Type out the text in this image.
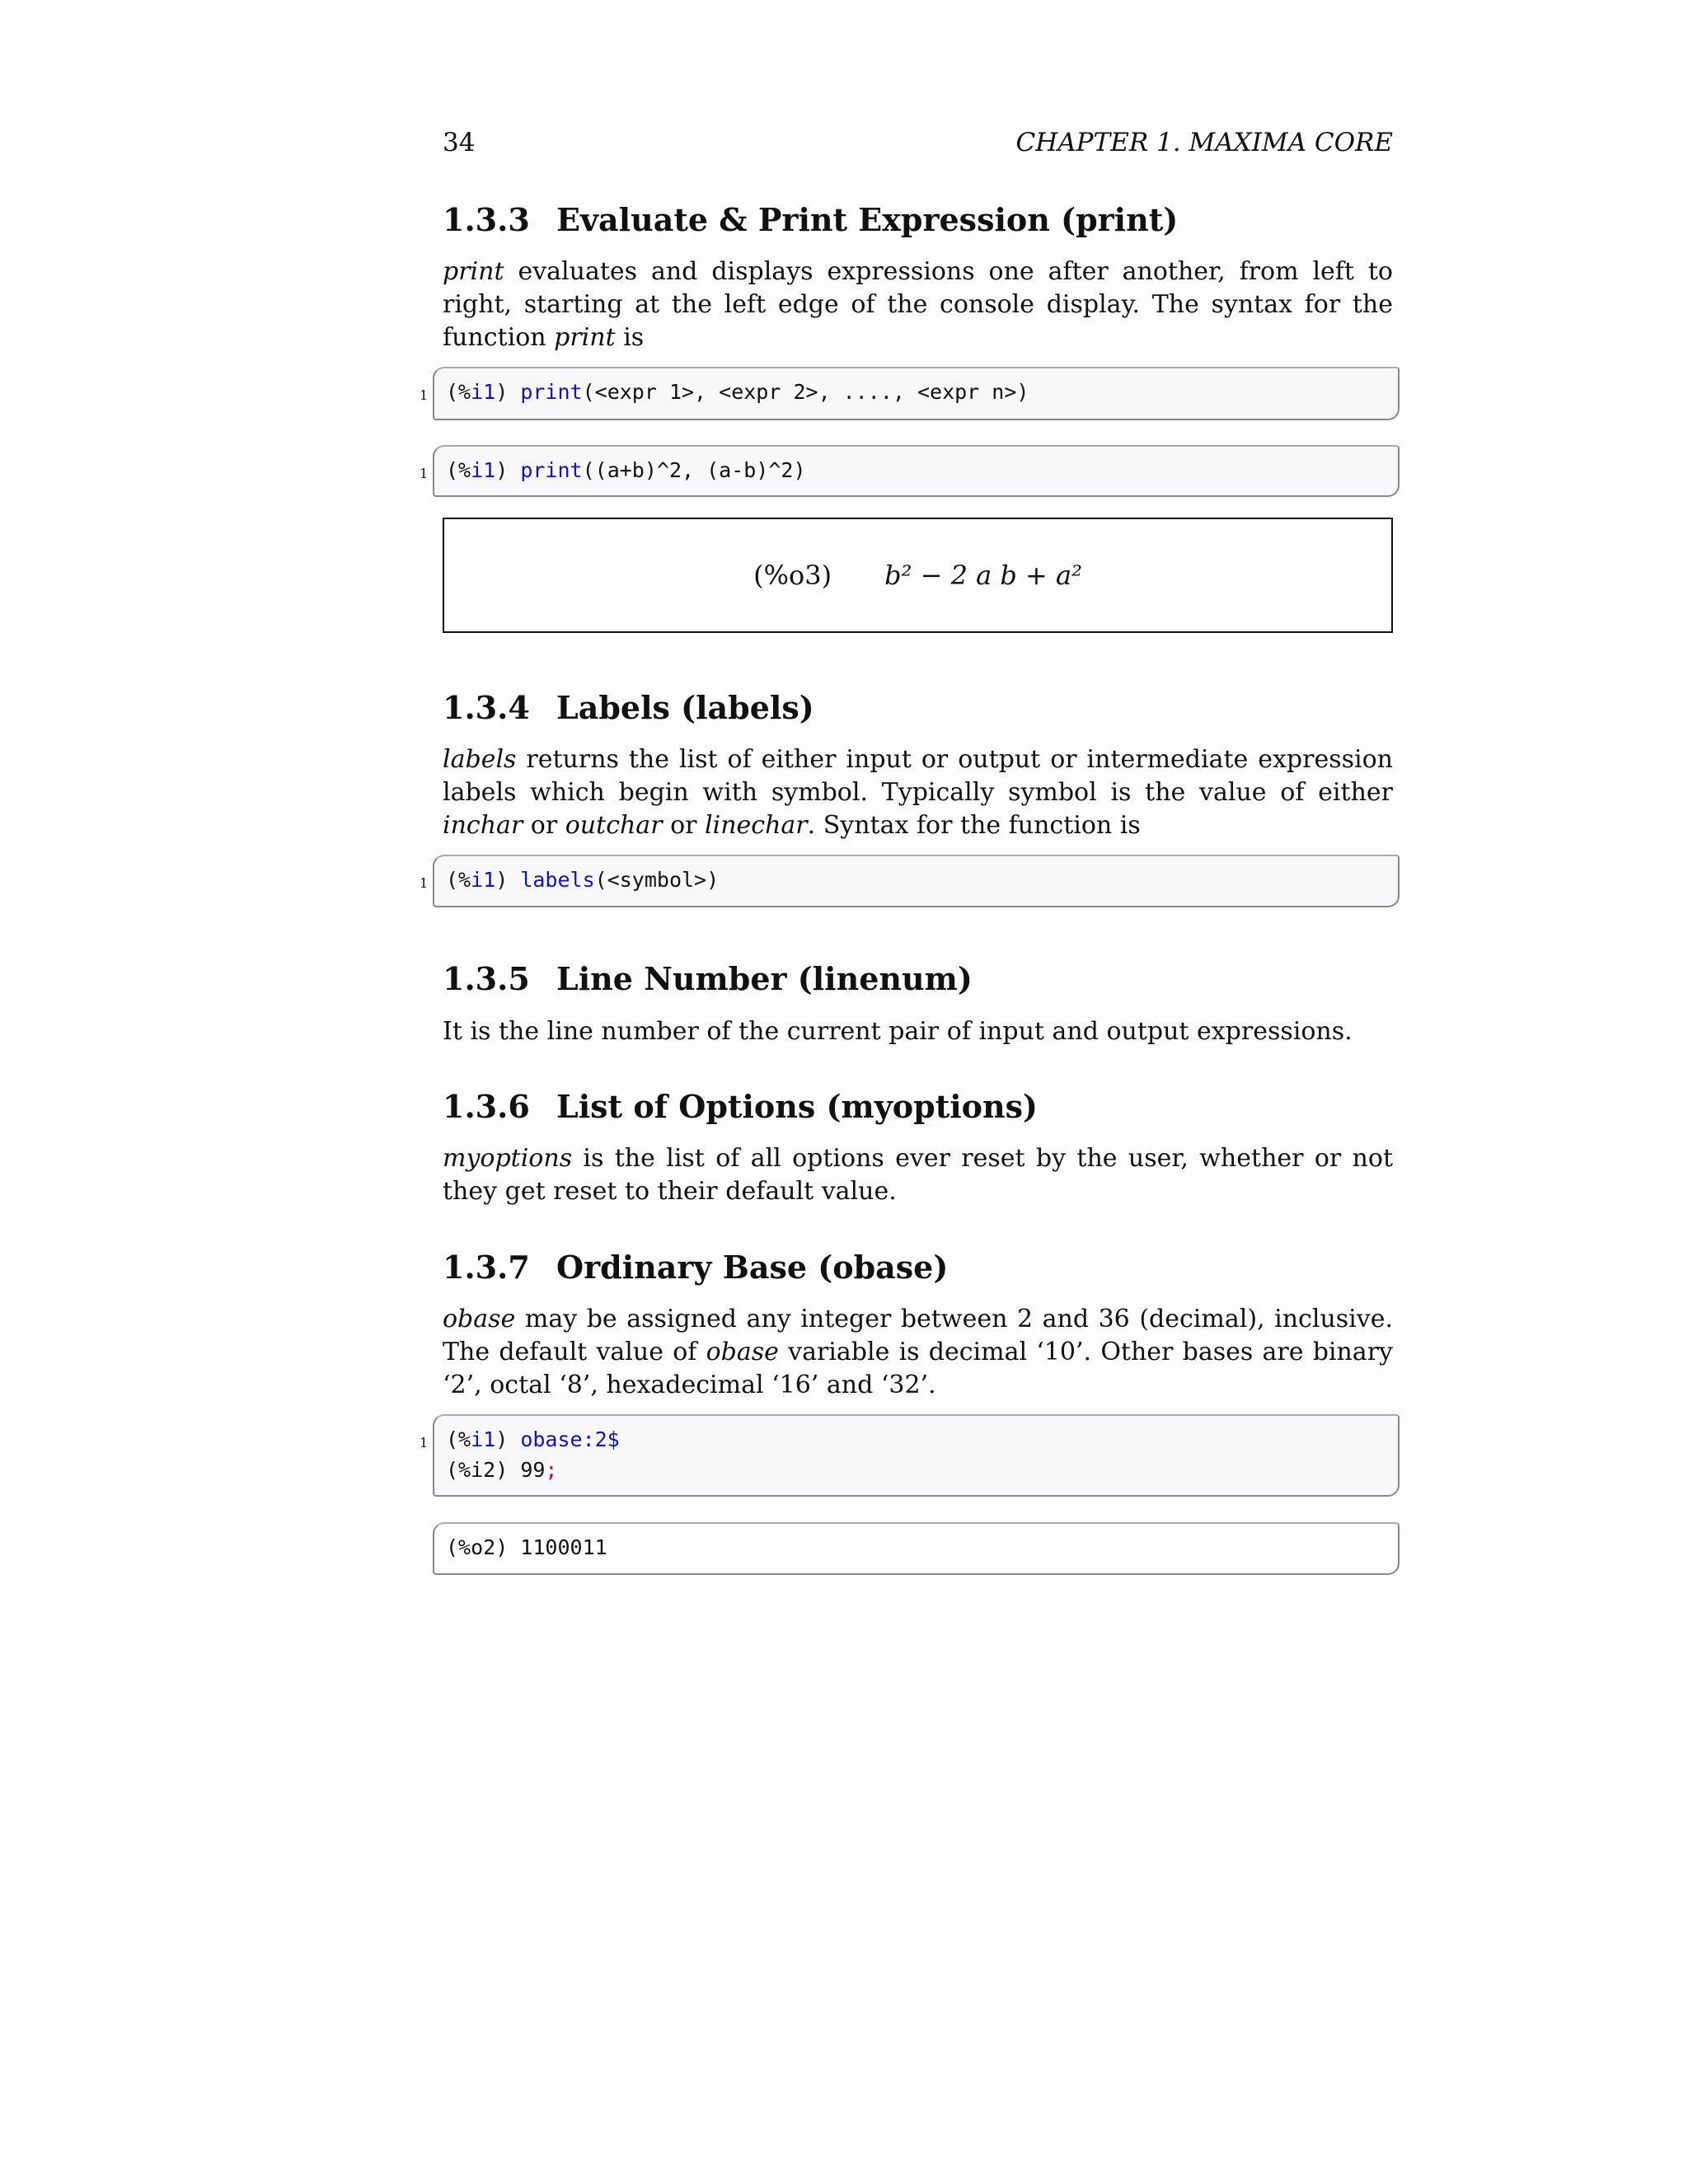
34	CHAPTER 1. MAXIMA CORE
1.3.3 Evaluate & Print Expression (print)
print evaluates and displays expressions one after another, from left to right, starting at the left edge of the console display. The syntax for the function print is
1 (%i1) print(<expr 1>, <expr 2>, ...., <expr n>)
1 (%i1) print((a+b)^2, (a-b)^2)
(%o3) b² − 2 a b + a²
1.3.4 Labels (labels)
labels returns the list of either input or output or intermediate expression labels which begin with symbol. Typically symbol is the value of either inchar or outchar or linechar. Syntax for the function is
1 (%i1) labels(<symbol>)
1.3.5 Line Number (linenum)
It is the line number of the current pair of input and output expressions.
1.3.6 List of Options (myoptions)
myoptions is the list of all options ever reset by the user, whether or not they get reset to their default value.
1.3.7 Ordinary Base (obase)
obase may be assigned any integer between 2 and 36 (decimal), inclusive. The default value of obase variable is decimal ‘10’. Other bases are binary ‘2’, octal ‘8’, hexadecimal ‘16’ and ‘32’.
1 (%i1) obase:2$
(%i2) 99;
(%o2) 1100011
